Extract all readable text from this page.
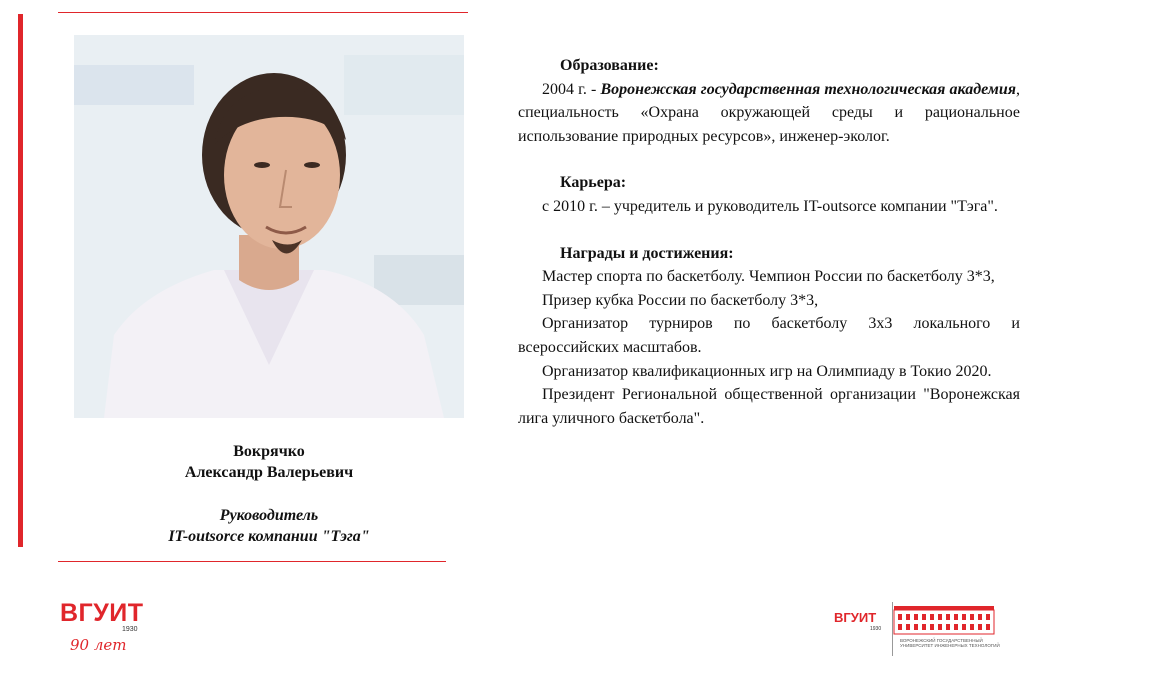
Вокрячко
Александр Валерьевич
Руководитель
IT-outsorce компании "Тэга"

Образование:

2004 г. - Воронежская государственная технологическая академия, специальность «Охрана окружающей среды и рациональное использование природных ресурсов», инженер-эколог.

Карьера:

с 2010 г. – учредитель и руководитель IT-outsorce компании "Тэга".

Награды и достижения:

Мастер спорта по баскетболу. Чемпион России по баскетболу 3*3,

Призер кубка России по баскетболу 3*3,

Организатор турниров по баскетболу 3х3 локального и всероссийских масштабов.

Организатор квалификационных игр на Олимпиаду в Токио 2020.

Президент Региональной общественной организации "Воронежская лига уличного баскетбола".

ВГУИТ
1930
90 лет
ВГУИТ
1930
ВОРОНЕЖСКИЙ ГОСУДАРСТВЕННЫЙ УНИВЕРСИТЕТ ИНЖЕНЕРНЫХ ТЕХНОЛОГИЙ
